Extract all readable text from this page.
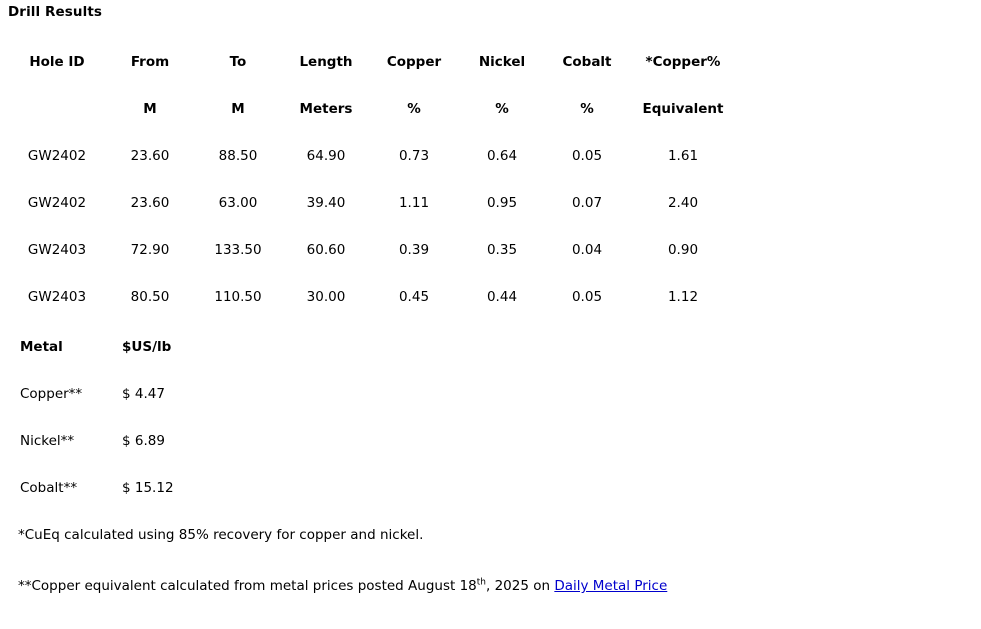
Drill Results
Hole ID	From	To	Length	Copper	Nickel	Cobalt	*Copper%
	M	M	Meters	%	%	%	Equivalent
GW2402	23.60	88.50	64.90	0.73	0.64	0.05	1.61
GW2402	23.60	63.00	39.40	1.11	0.95	0.07	2.40
GW2403	72.90	133.50	60.60	0.39	0.35	0.04	0.90
GW2403	80.50	110.50	30.00	0.45	0.44	0.05	1.12
Metal	$US/lb
Copper**	$ 4.47
Nickel**	$ 6.89
Cobalt**	$ 15.12
*CuEq calculated using 85% recovery for copper and nickel.
**Copper equivalent calculated from metal prices posted August 18th, 2025 on Daily Metal Price
